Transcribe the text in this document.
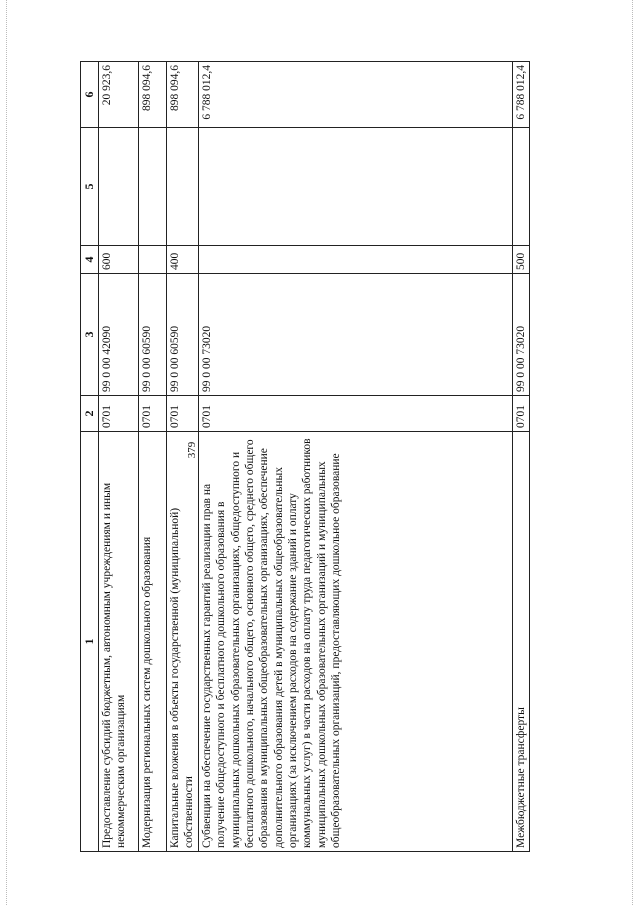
379
1	2	3	4	5	6
Предоставление субсидий бюджетным, автономным учреждениям и иным некоммерческим организациям	0701	99 0 00 42090	600		20 923,6
Модернизация региональных систем дошкольного образования	0701	99 0 00 60590			898 094,6
Капитальные вложения в объекты государственной (муниципальной) собственности	0701	99 0 00 60590	400		898 094,6
Субвенции на обеспечение государственных гарантий реализации прав на получение общедоступного и бесплатного дошкольного образования в муниципальных дошкольных образовательных организациях, общедоступного и бесплатного дошкольного, начального общего, основного общего, среднего общего образования в муниципальных общеобразовательных организациях, обеспечение дополнительного образования детей в муниципальных общеобразовательных организациях (за исключением расходов на содержание зданий и оплату коммунальных услуг) в части расходов на оплату труда педагогических работников муниципальных дошкольных образовательных организаций и муниципальных общеобразовательных организаций, предоставляющих дошкольное образование	0701	99 0 00 73020			6 788 012,4
Межбюджетные трансферты	0701	99 0 00 73020	500		6 788 012,4
